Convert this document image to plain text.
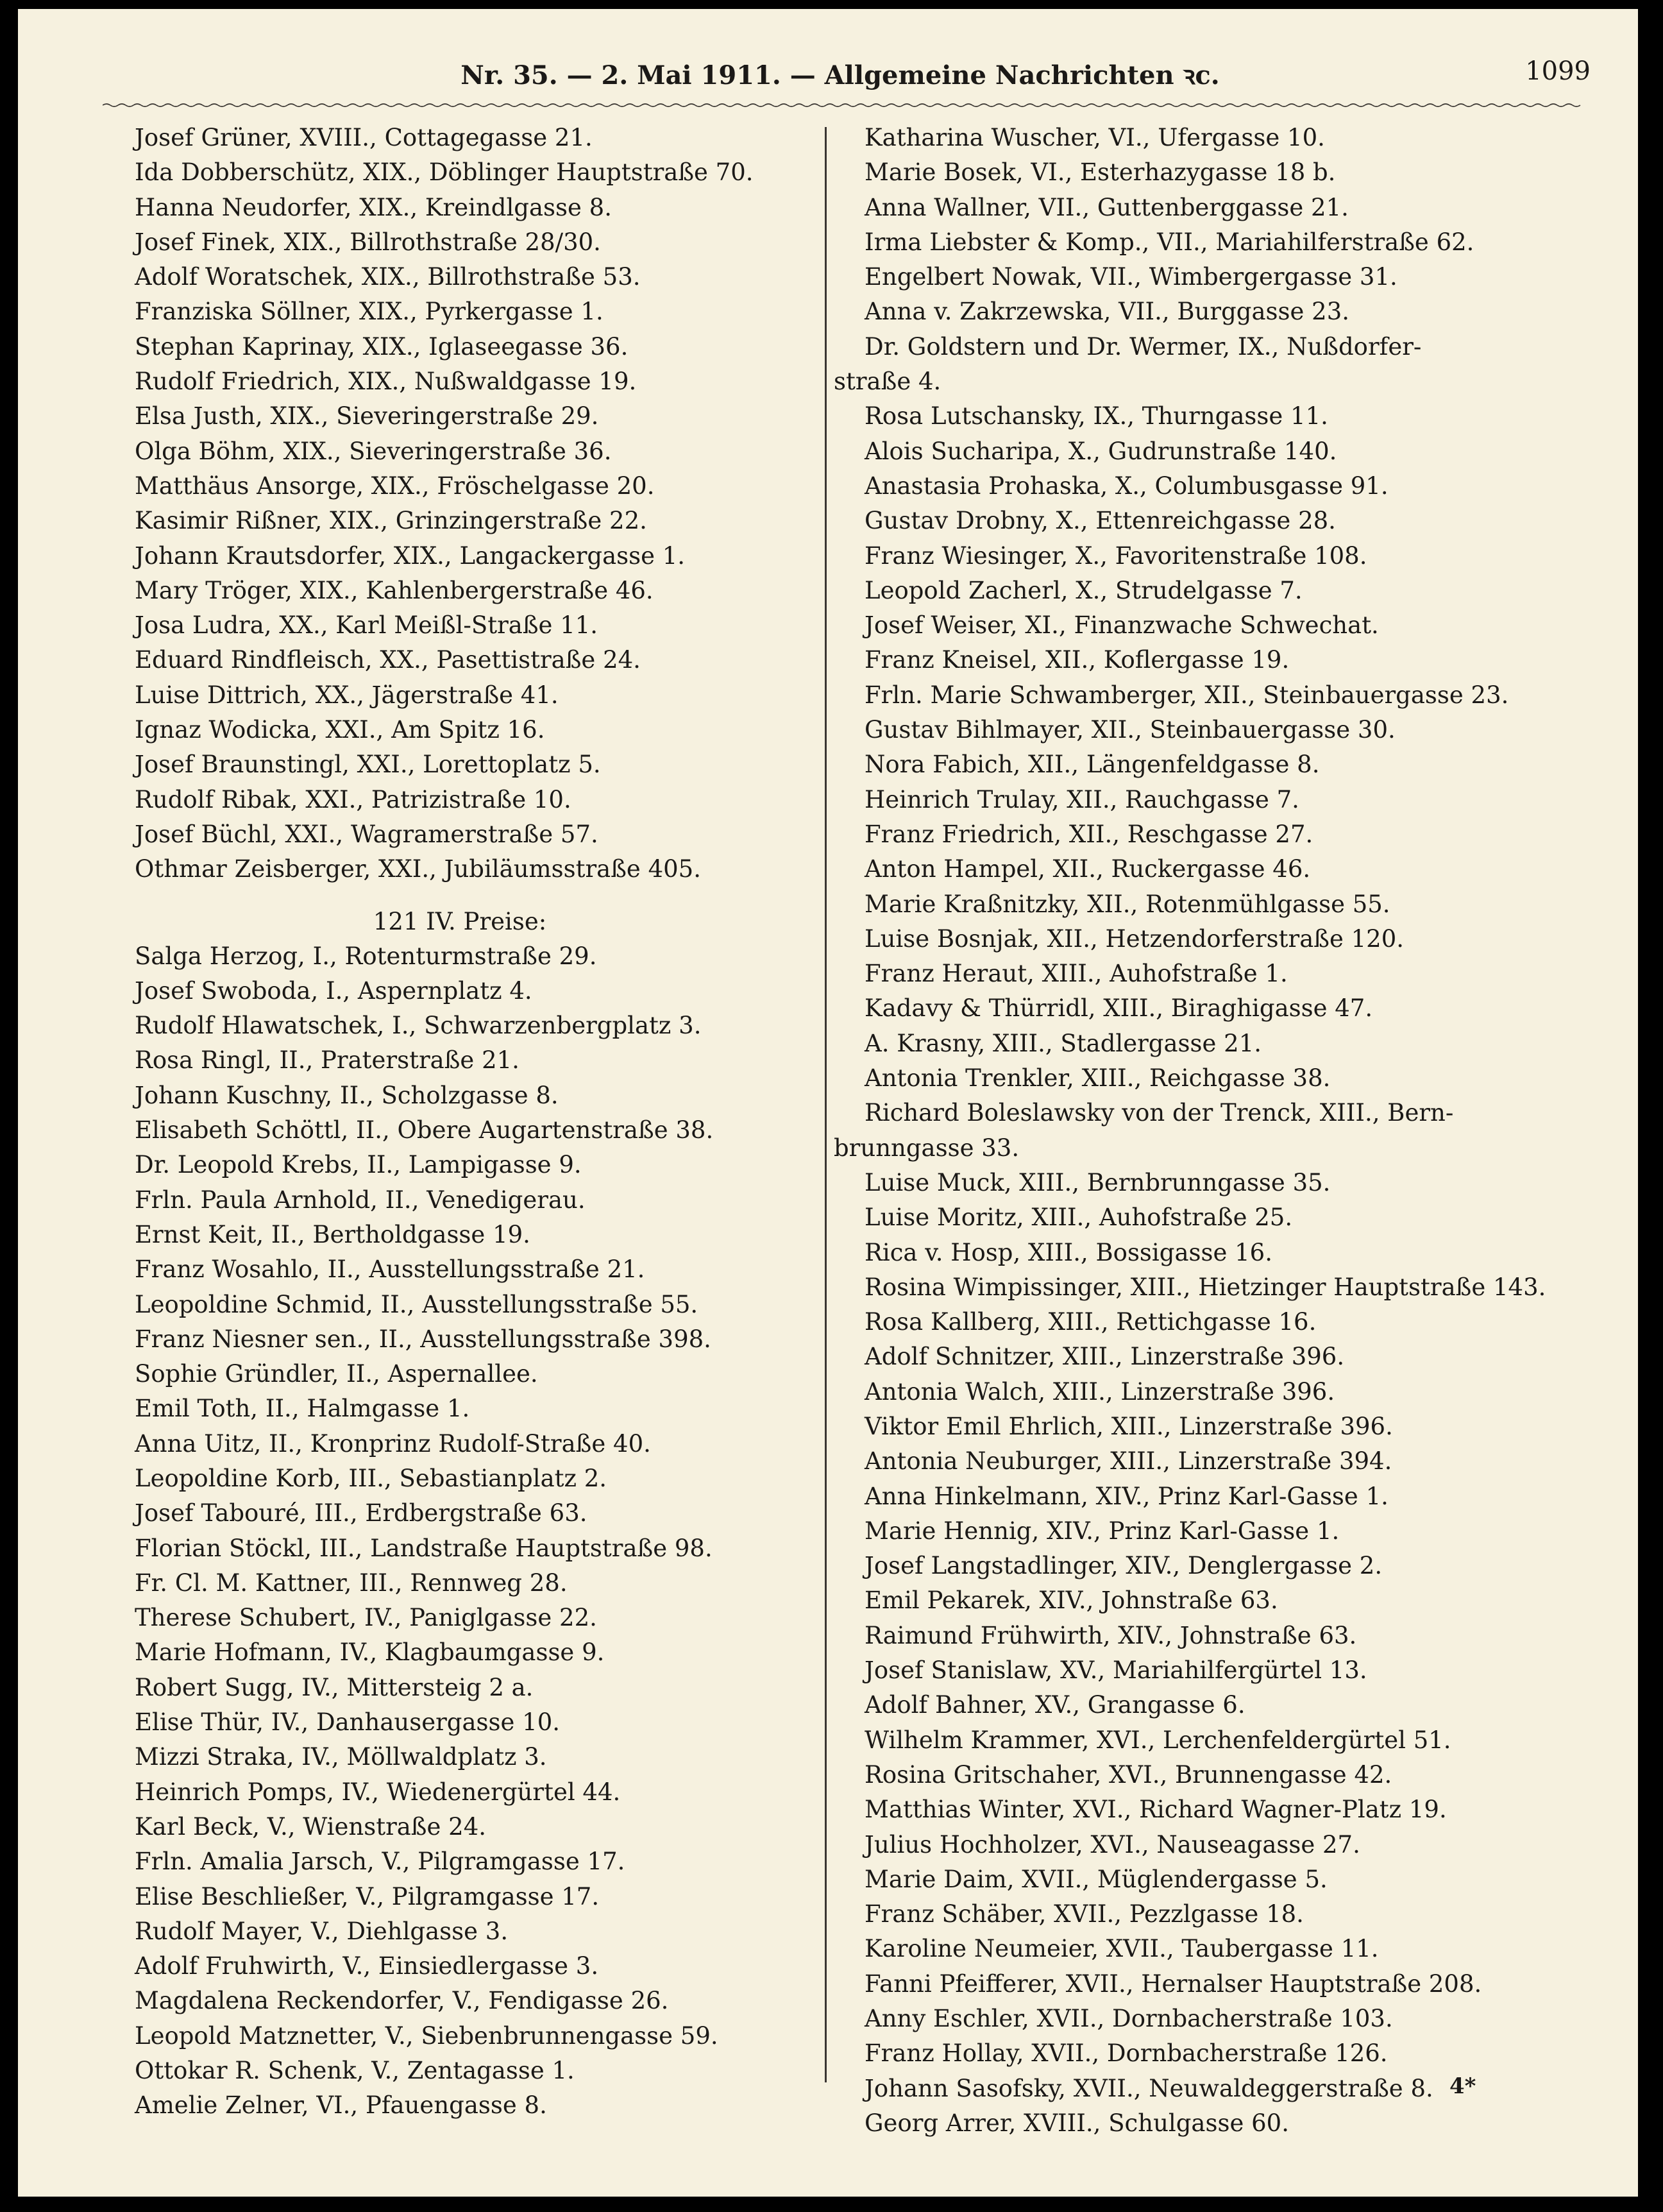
Nr. 35. — 2. Mai 1911. — Allgemeine Nachrichten ꝛc.	1099
Josef Grüner, XVIII., Cottagegasse 21.
Ida Dobberschütz, XIX., Döblinger Hauptstraße 70.
Hanna Neudorfer, XIX., Kreindlgasse 8.
Josef Finek, XIX., Billrothstraße 28/30.
Adolf Woratschek, XIX., Billrothstraße 53.
Franziska Söllner, XIX., Pyrkergasse 1.
Stephan Kaprinay, XIX., Iglaseegasse 36.
Rudolf Friedrich, XIX., Nußwaldgasse 19.
Elsa Justh, XIX., Sieveringerstraße 29.
Olga Böhm, XIX., Sieveringerstraße 36.
Matthäus Ansorge, XIX., Fröschelgasse 20.
Kasimir Rißner, XIX., Grinzingerstraße 22.
Johann Krautsdorfer, XIX., Langackergasse 1.
Mary Tröger, XIX., Kahlenbergerstraße 46.
Josa Ludra, XX., Karl Meißl-Straße 11.
Eduard Rindfleisch, XX., Pasettistraße 24.
Luise Dittrich, XX., Jägerstraße 41.
Ignaz Wodicka, XXI., Am Spitz 16.
Josef Braunstingl, XXI., Lorettoplatz 5.
Rudolf Ribak, XXI., Patrizistraße 10.
Josef Büchl, XXI., Wagramerstraße 57.
Othmar Zeisberger, XXI., Jubiläumsstraße 405.
121 IV. Preise:
Salga Herzog, I., Rotenturmstraße 29.
Josef Swoboda, I., Aspernplatz 4.
Rudolf Hlawatschek, I., Schwarzenbergplatz 3.
Rosa Ringl, II., Praterstraße 21.
Johann Kuschny, II., Scholzgasse 8.
Elisabeth Schöttl, II., Obere Augartenstraße 38.
Dr. Leopold Krebs, II., Lampigasse 9.
Frln. Paula Arnhold, II., Venedigerau.
Ernst Keit, II., Bertholdgasse 19.
Franz Wosahlo, II., Ausstellungsstraße 21.
Leopoldine Schmid, II., Ausstellungsstraße 55.
Franz Niesner sen., II., Ausstellungsstraße 398.
Sophie Gründler, II., Aspernallee.
Emil Toth, II., Halmgasse 1.
Anna Uitz, II., Kronprinz Rudolf-Straße 40.
Leopoldine Korb, III., Sebastianplatz 2.
Josef Tabouré, III., Erdbergstraße 63.
Florian Stöckl, III., Landstraße Hauptstraße 98.
Fr. Cl. M. Kattner, III., Rennweg 28.
Therese Schubert, IV., Paniglgasse 22.
Marie Hofmann, IV., Klagbaumgasse 9.
Robert Sugg, IV., Mittersteig 2 a.
Elise Thür, IV., Danhausergasse 10.
Mizzi Straka, IV., Möllwaldplatz 3.
Heinrich Pomps, IV., Wiedenergürtel 44.
Karl Beck, V., Wienstraße 24.
Frln. Amalia Jarsch, V., Pilgramgasse 17.
Elise Beschließer, V., Pilgramgasse 17.
Rudolf Mayer, V., Diehlgasse 3.
Adolf Fruhwirth, V., Einsiedlergasse 3.
Magdalena Reckendorfer, V., Fendigasse 26.
Leopold Matznetter, V., Siebenbrunnengasse 59.
Ottokar R. Schenk, V., Zentagasse 1.
Amelie Zelner, VI., Pfauengasse 8.
Katharina Wuscher, VI., Ufergasse 10.
Marie Bosek, VI., Esterhazygasse 18 b.
Anna Wallner, VII., Guttenberggasse 21.
Irma Liebster & Komp., VII., Mariahilferstraße 62.
Engelbert Nowak, VII., Wimbergergasse 31.
Anna v. Zakrzewska, VII., Burggasse 23.
Dr. Goldstern und Dr. Wermer, IX., Nußdorfer-
straße 4.
Rosa Lutschansky, IX., Thurngasse 11.
Alois Sucharipa, X., Gudrunstraße 140.
Anastasia Prohaska, X., Columbusgasse 91.
Gustav Drobny, X., Ettenreichgasse 28.
Franz Wiesinger, X., Favoritenstraße 108.
Leopold Zacherl, X., Strudelgasse 7.
Josef Weiser, XI., Finanzwache Schwechat.
Franz Kneisel, XII., Koflergasse 19.
Frln. Marie Schwamberger, XII., Steinbauergasse 23.
Gustav Bihlmayer, XII., Steinbauergasse 30.
Nora Fabich, XII., Längenfeldgasse 8.
Heinrich Trulay, XII., Rauchgasse 7.
Franz Friedrich, XII., Reschgasse 27.
Anton Hampel, XII., Ruckergasse 46.
Marie Kraßnitzky, XII., Rotenmühlgasse 55.
Luise Bosnjak, XII., Hetzendorferstraße 120.
Franz Heraut, XIII., Auhofstraße 1.
Kadavy & Thürridl, XIII., Biraghigasse 47.
A. Krasny, XIII., Stadlergasse 21.
Antonia Trenkler, XIII., Reichgasse 38.
Richard Boleslawsky von der Trenck, XIII., Bern-
brunngasse 33.
Luise Muck, XIII., Bernbrunngasse 35.
Luise Moritz, XIII., Auhofstraße 25.
Rica v. Hosp, XIII., Bossigasse 16.
Rosina Wimpissinger, XIII., Hietzinger Hauptstraße 143.
Rosa Kallberg, XIII., Rettichgasse 16.
Adolf Schnitzer, XIII., Linzerstraße 396.
Antonia Walch, XIII., Linzerstraße 396.
Viktor Emil Ehrlich, XIII., Linzerstraße 396.
Antonia Neuburger, XIII., Linzerstraße 394.
Anna Hinkelmann, XIV., Prinz Karl-Gasse 1.
Marie Hennig, XIV., Prinz Karl-Gasse 1.
Josef Langstadlinger, XIV., Denglergasse 2.
Emil Pekarek, XIV., Johnstraße 63.
Raimund Frühwirth, XIV., Johnstraße 63.
Josef Stanislaw, XV., Mariahilfergürtel 13.
Adolf Bahner, XV., Grangasse 6.
Wilhelm Krammer, XVI., Lerchenfeldergürtel 51.
Rosina Gritschaher, XVI., Brunnengasse 42.
Matthias Winter, XVI., Richard Wagner-Platz 19.
Julius Hochholzer, XVI., Nauseagasse 27.
Marie Daim, XVII., Müglendergasse 5.
Franz Schäber, XVII., Pezzlgasse 18.
Karoline Neumeier, XVII., Taubergasse 11.
Fanni Pfeifferer, XVII., Hernalser Hauptstraße 208.
Anny Eschler, XVII., Dornbacherstraße 103.
Franz Hollay, XVII., Dornbacherstraße 126.
Johann Sasofsky, XVII., Neuwaldeggerstraße 8.
Georg Arrer, XVIII., Schulgasse 60.
4*
